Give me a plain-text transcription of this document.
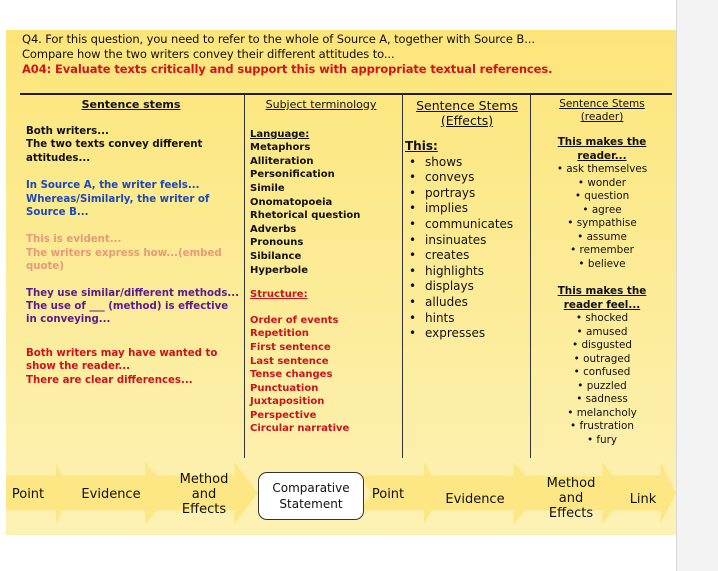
Q4. For this question, you need to refer to the whole of Source A, together with Source B...
Compare how the two writers convey their different attitudes to...
A04: Evaluate texts critically and support this with appropriate textual references.
Sentence stems
Both writers...
The two texts convey different
attitudes...
In Source A, the writer feels...
Whereas/Similarly, the writer of
Source B...
This is evident...
The writers express how...(embed
quote)
They use similar/different methods...
The use of ___ (method) is effective
in conveying...
Both writers may have wanted to
show the reader...
There are clear differences...
Subject terminology
Language:
Metaphors
Alliteration
Personification
Simile
Onomatopoeia
Rhetorical question
Adverbs
Pronouns
Sibilance
Hyperbole
Structure:
Order of events
Repetition
First sentence
Last sentence
Tense changes
Punctuation
Juxtaposition
Perspective
Circular narrative
Sentence Stems
(Effects)
This:
• shows
• conveys
• portrays
• implies
• communicates
• insinuates
• creates
• highlights
• displays
• alludes
• hints
• expresses
Sentence Stems
(reader)
This makes the
reader...
• ask themselves
• wonder
• question
• agree
• sympathise
• assume
• remember
• believe
This makes the
reader feel...
• shocked
• amused
• disgusted
• outraged
• confused
• puzzled
• sadness
• melancholy
• frustration
• fury
Point	Evidence
Method
and
Effects
Comparative
Statement
Point	Evidence
Method
and
Effects
Link
